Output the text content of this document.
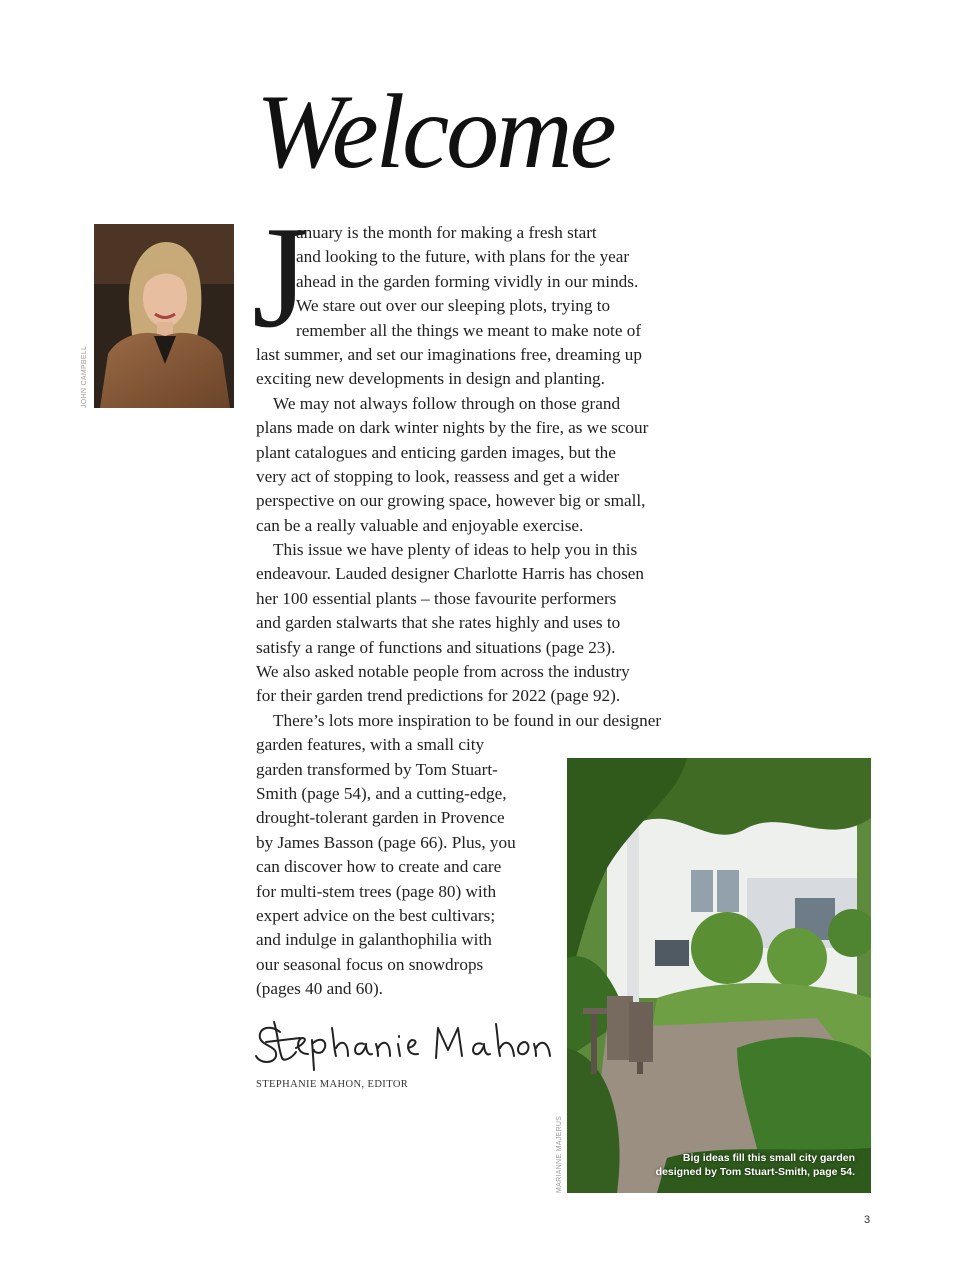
Welcome
JOHN CAMPBELL
J
anuary is the month for making a fresh start
and looking to the future, with plans for the year
ahead in the garden forming vividly in our minds.
We stare out over our sleeping plots, trying to
remember all the things we meant to make note of
last summer, and set our imaginations free, dreaming up
exciting new developments in design and planting.
We may not always follow through on those grand
plans made on dark winter nights by the fire, as we scour
plant catalogues and enticing garden images, but the
very act of stopping to look, reassess and get a wider
perspective on our growing space, however big or small,
can be a really valuable and enjoyable exercise.
This issue we have plenty of ideas to help you in this
endeavour. Lauded designer Charlotte Harris has chosen
her 100 essential plants – those favourite performers
and garden stalwarts that she rates highly and uses to
satisfy a range of functions and situations (page 23).
We also asked notable people from across the industry
for their garden trend predictions for 2022 (page 92).
There’s lots more inspiration to be found in our designer
garden features, with a small city
garden transformed by Tom Stuart-
Smith (page 54), and a cutting-edge,
drought-tolerant garden in Provence
by James Basson (page 66). Plus, you
can discover how to create and care
for multi-stem trees (page 80) with
expert advice on the best cultivars;
and indulge in galanthophilia with
our seasonal focus on snowdrops
(pages 40 and 60).
Big ideas fill this small city garden
designed by Tom Stuart-Smith, page 54.
MARIANNE MAJERUS
STEPHANIE MAHON, EDITOR
3
